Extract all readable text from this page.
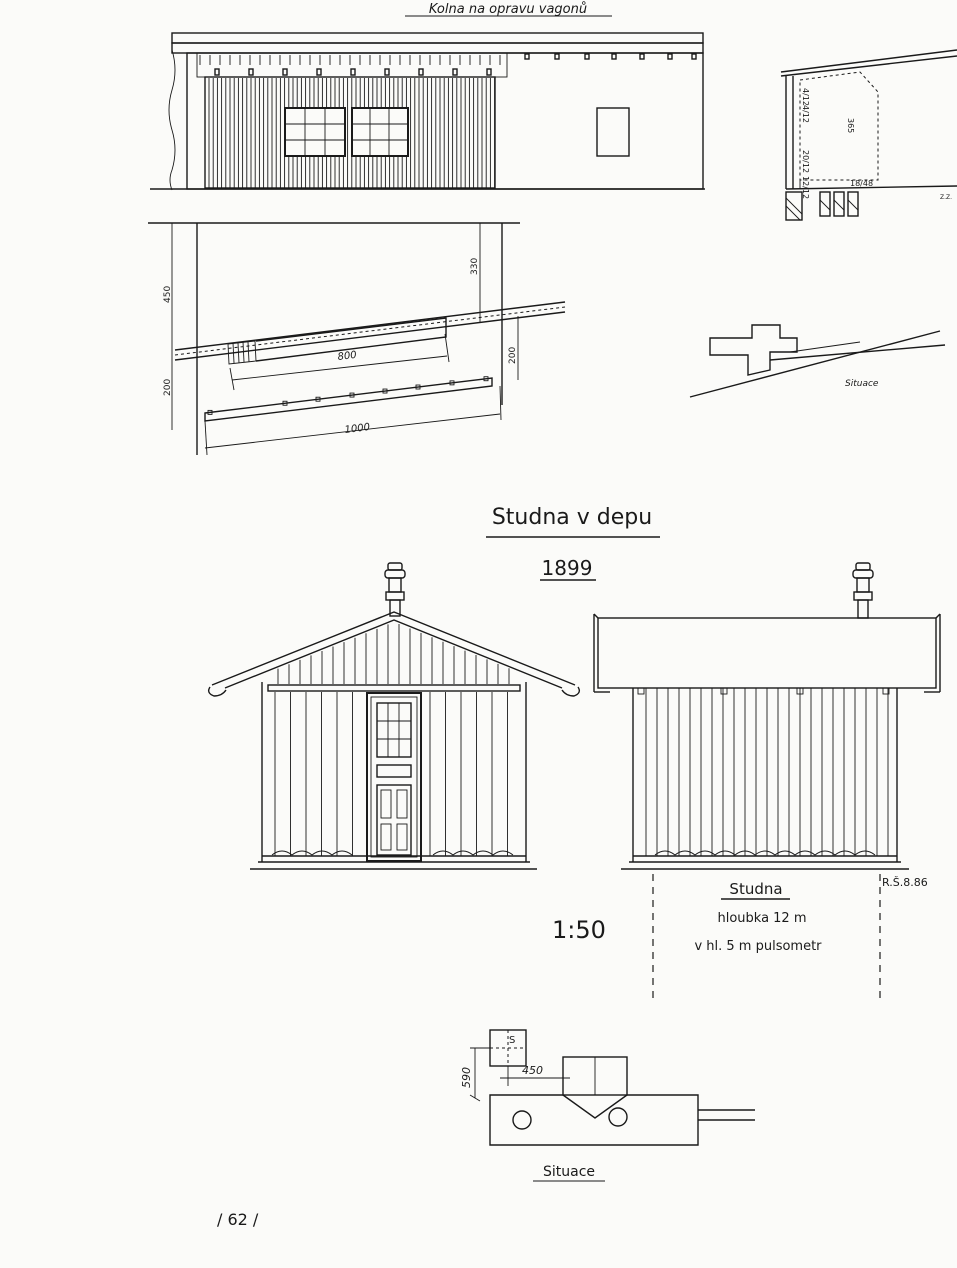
Kolna na opravu vagonů
4/12
4/12
365
20/12
12/12	18/48
Z.Z.
800
1000
450
200
330
200
Situace
Studna v depu
1899
R.Š.8.86
Studna
hloubka 12 m
v hl. 5 m pulsometr
1:50
S
590	450
Situace
/ 62 /
